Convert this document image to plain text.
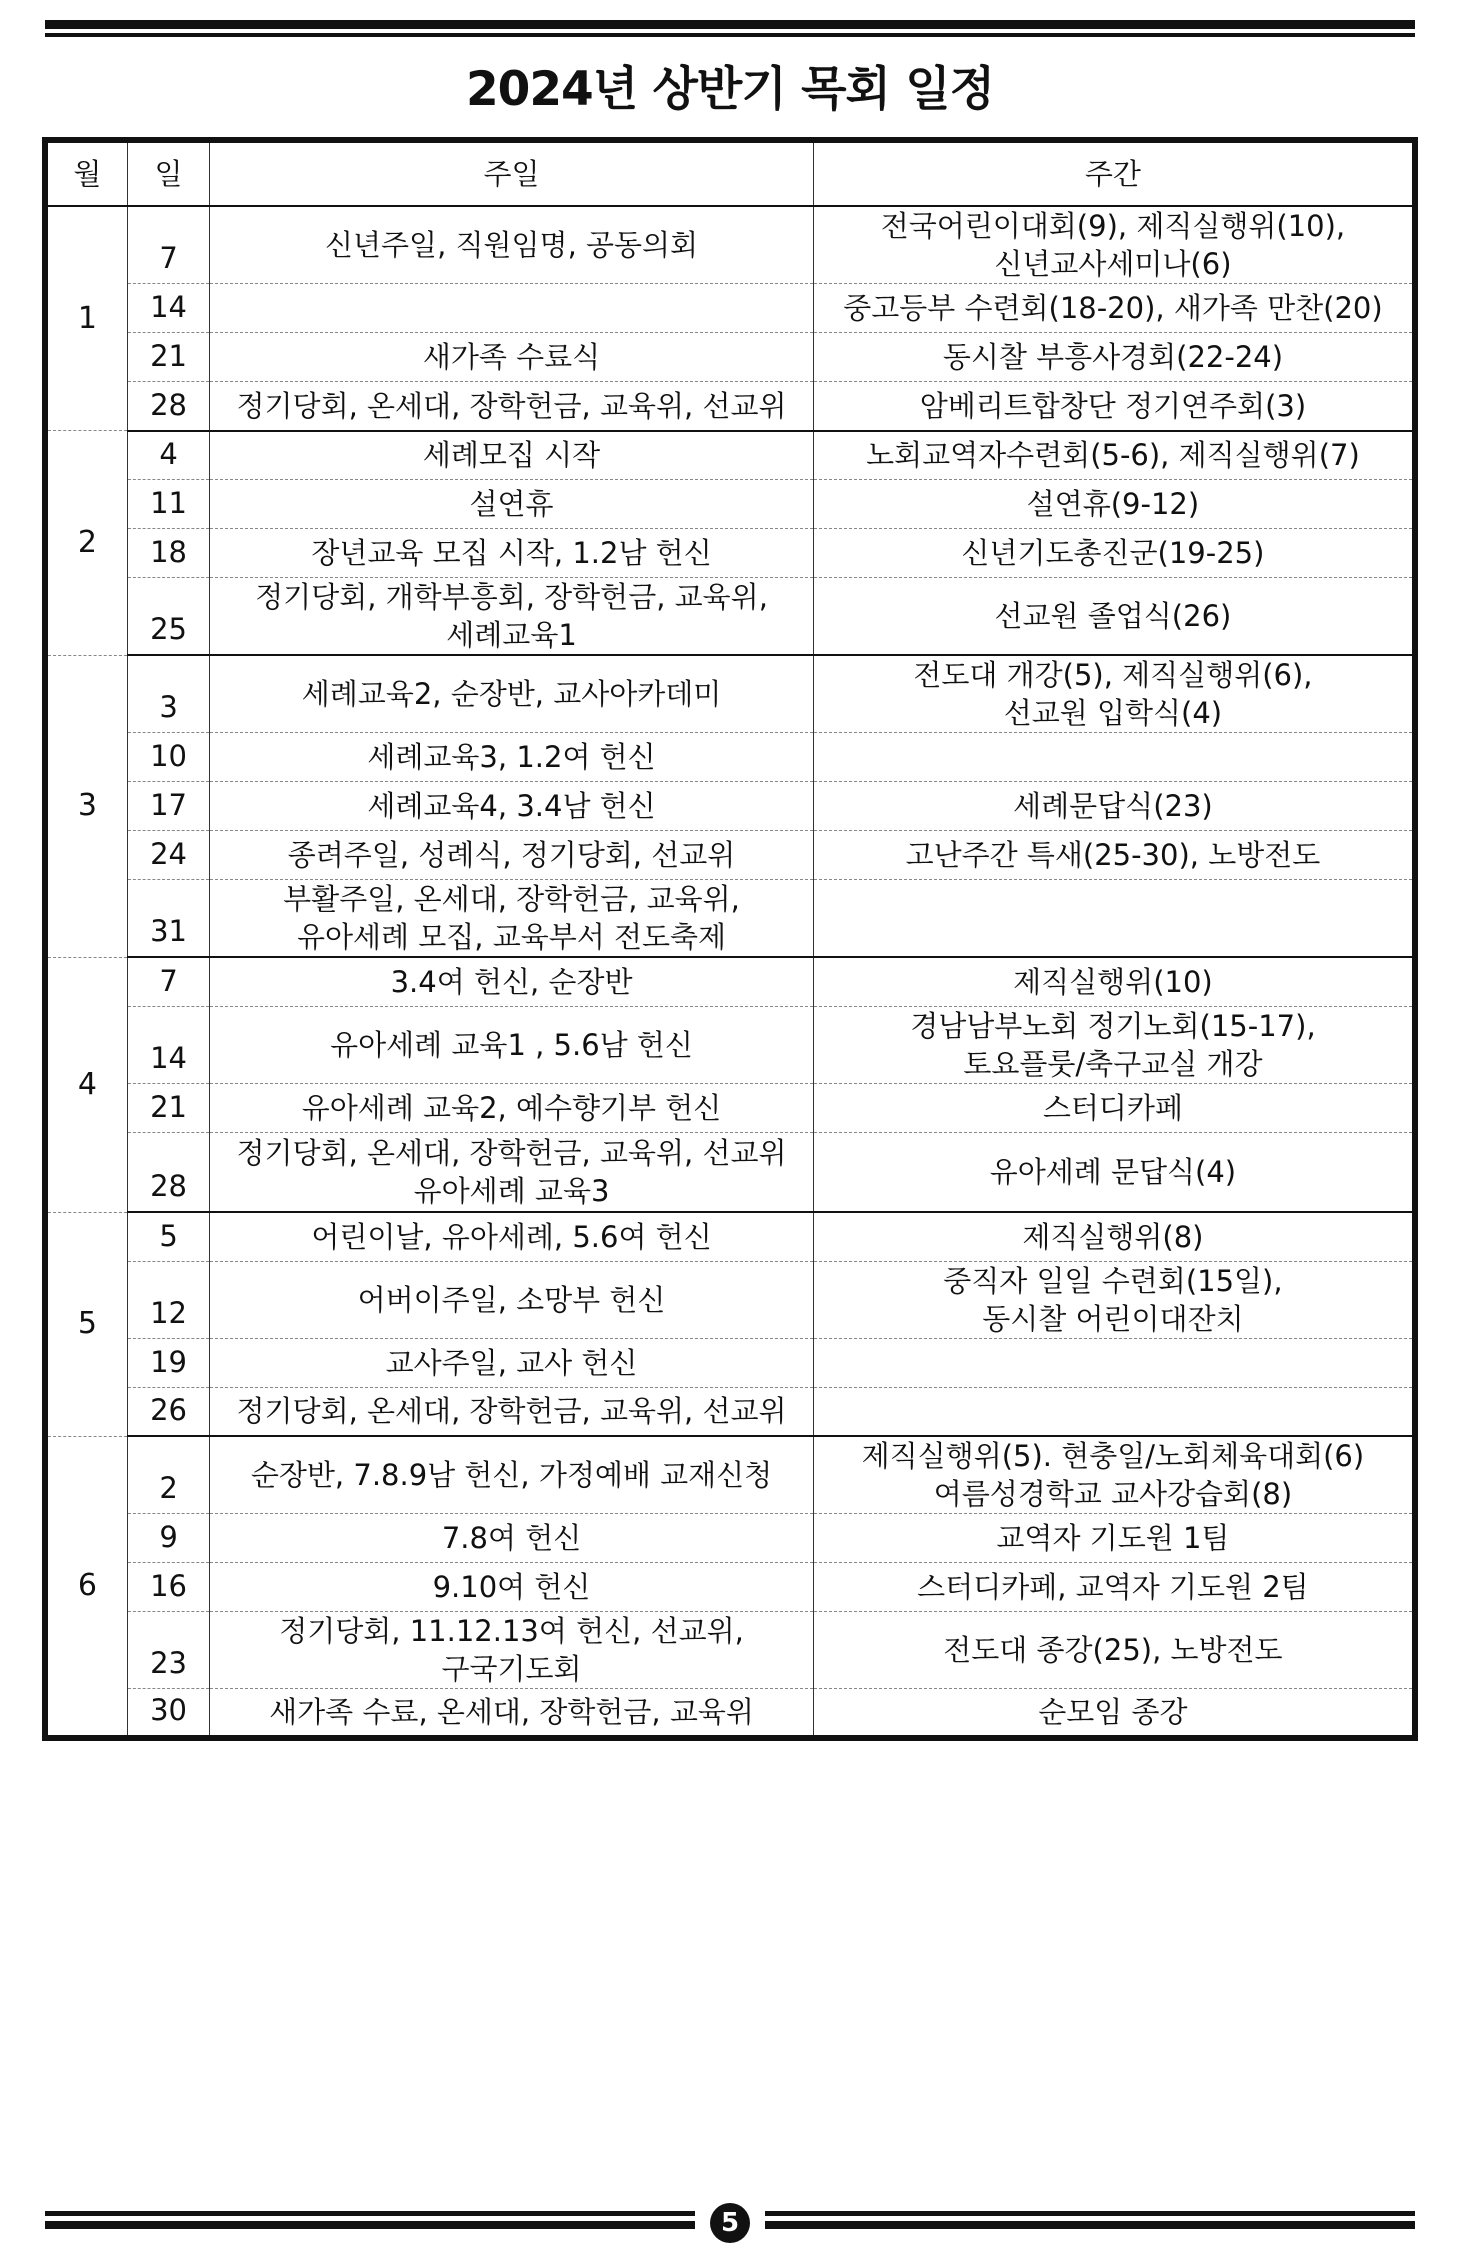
2024년 상반기 목회 일정
월	일	주일	주간
1	7	신년주일, 직원임명, 공동의회	전국어린이대회(9), 제직실행위(10),
신년교사세미나(6)
	14		중고등부 수련회(18-20), 새가족 만찬(20)
	21	새가족 수료식	동시찰 부흥사경회(22-24)
	28	정기당회, 온세대, 장학헌금, 교육위, 선교위	암베리트합창단 정기연주회(3)
2	4	세례모집 시작	노회교역자수련회(5-6), 제직실행위(7)
	11	설연휴	설연휴(9-12)
	18	장년교육 모집 시작, 1.2남 헌신	신년기도총진군(19-25)
	25	정기당회, 개학부흥회, 장학헌금, 교육위,
세례교육1	선교원 졸업식(26)
3	3	세례교육2, 순장반, 교사아카데미	전도대 개강(5), 제직실행위(6),
선교원 입학식(4)
	10	세례교육3, 1.2여 헌신	
	17	세례교육4, 3.4남 헌신	세례문답식(23)
	24	종려주일, 성례식, 정기당회, 선교위	고난주간 특새(25-30), 노방전도
	31	부활주일, 온세대, 장학헌금, 교육위,
유아세례 모집, 교육부서 전도축제	
4	7	3.4여 헌신, 순장반	제직실행위(10)
	14	유아세례 교육1 , 5.6남 헌신	경남남부노회 정기노회(15-17),
토요플룻/축구교실 개강
	21	유아세례 교육2, 예수향기부 헌신	스터디카페
	28	정기당회, 온세대, 장학헌금, 교육위, 선교위
유아세례 교육3	유아세례 문답식(4)
5	5	어린이날, 유아세례, 5.6여 헌신	제직실행위(8)
	12	어버이주일, 소망부 헌신	중직자 일일 수련회(15일),
동시찰 어린이대잔치
	19	교사주일, 교사 헌신	
	26	정기당회, 온세대, 장학헌금, 교육위, 선교위	
6	2	순장반, 7.8.9남 헌신, 가정예배 교재신청	제직실행위(5). 현충일/노회체육대회(6)
여름성경학교 교사강습회(8)
	9	7.8여 헌신	교역자 기도원 1팀
	16	9.10여 헌신	스터디카페, 교역자 기도원 2팀
	23	정기당회, 11.12.13여 헌신, 선교위,
구국기도회	전도대 종강(25), 노방전도
	30	새가족 수료, 온세대, 장학헌금, 교육위	순모임 종강
5
